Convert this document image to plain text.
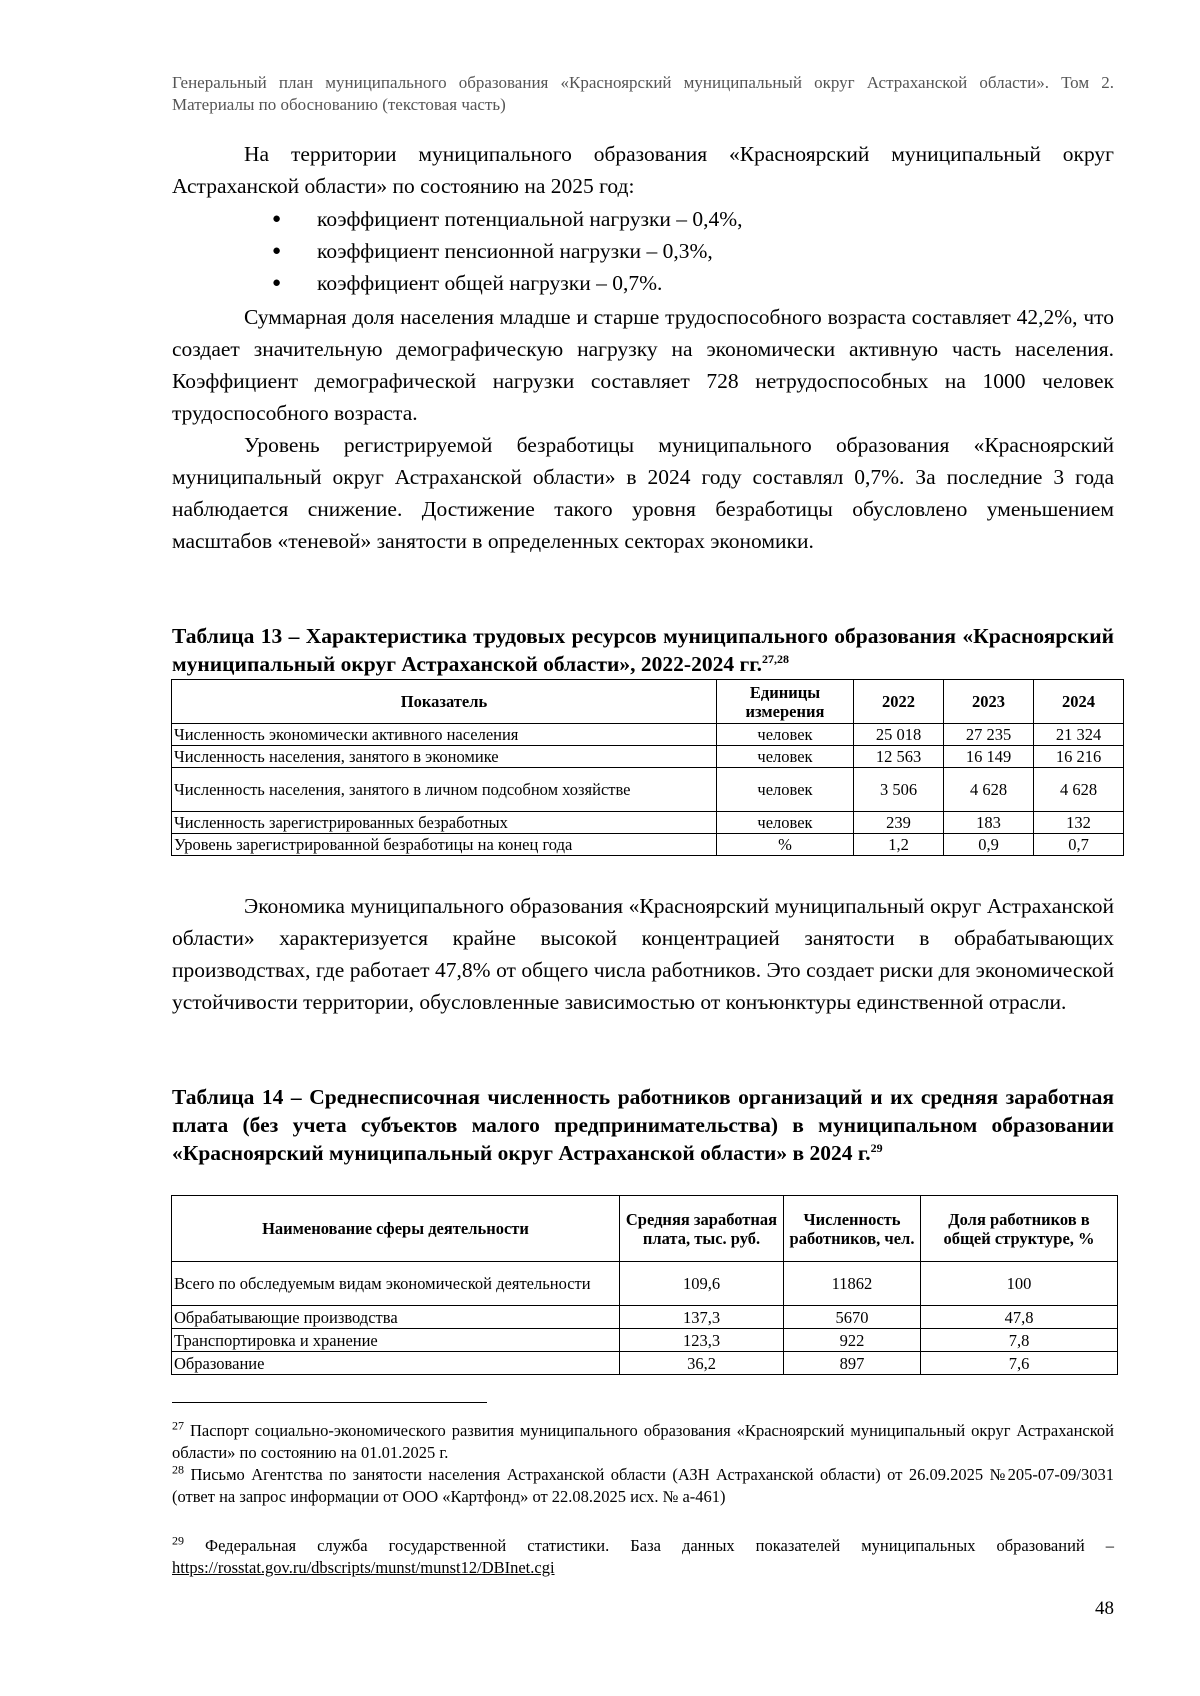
Генеральный план муниципального образования «Красноярский муниципальный округ Астраханской области». Том 2. Материалы по обоснованию (текстовая часть)
На территории муниципального образования «Красноярский муниципальный округ Астраханской области» по состоянию на 2025 год:
● коэффициент потенциальной нагрузки – 0,4%,
● коэффициент пенсионной нагрузки – 0,3%,
● коэффициент общей нагрузки – 0,7%.
Суммарная доля населения младше и старше трудоспособного возраста составляет 42,2%, что создает значительную демографическую нагрузку на экономически активную часть населения. Коэффициент демографической нагрузки составляет 728 нетрудоспособных на 1000 человек трудоспособного возраста.
Уровень регистрируемой безработицы муниципального образования «Красноярский муниципальный округ Астраханской области» в 2024 году составлял 0,7%. За последние 3 года наблюдается снижение. Достижение такого уровня безработицы обусловлено уменьшением масштабов «теневой» занятости в определенных секторах экономики.
Таблица 13 – Характеристика трудовых ресурсов муниципального образования «Красноярский муниципальный округ Астраханской области», 2022-2024 гг.$^{27,28}$
Показатель	Единицы измерения	2022	2023	2024
Численность экономически активного населения	человек	25 018	27 235	21 324
Численность населения, занятого в экономике	человек	12 563	16 149	16 216
Численность населения, занятого в личном подсобном хозяйстве	человек	3 506	4 628	4 628
Численность зарегистрированных безработных	человек	239	183	132
Уровень зарегистрированной безработицы на конец года	%	1,2	0,9	0,7
Экономика муниципального образования «Красноярский муниципальный округ Астраханской области» характеризуется крайне высокой концентрацией занятости в обрабатывающих производствах, где работает 47,8% от общего числа работников. Это создает риски для экономической устойчивости территории, обусловленные зависимостью от конъюнктуры единственной отрасли.
Таблица 14 – Среднесписочная численность работников организаций и их средняя заработная плата (без учета субъектов малого предпринимательства) в муниципальном образовании «Красноярский муниципальный округ Астраханской области» в 2024 г.$^{29}$
Наименование сферы деятельности	Средняя заработная плата, тыс. руб.	Численность работников, чел.	Доля работников в общей структуре, %
Всего по обследуемым видам экономической деятельности	109,6	11862	100
Обрабатывающие производства	137,3	5670	47,8
Транспортировка и хранение	123,3	922	7,8
Образование	36,2	897	7,6
$^{27}$ Паспорт социально-экономического развития муниципального образования «Красноярский муниципальный округ Астраханской области» по состоянию на 01.01.2025 г.
$^{28}$ Письмо Агентства по занятости населения Астраханской области (АЗН Астраханской области) от 26.09.2025 №205-07-09/3031 (ответ на запрос информации от ООО «Картфонд» от 22.08.2025 исх. № а-461)
$^{29}$ Федеральная служба государственной статистики. База данных показателей муниципальных образований – https://rosstat.gov.ru/dbscripts/munst/munst12/DBInet.cgi
48
